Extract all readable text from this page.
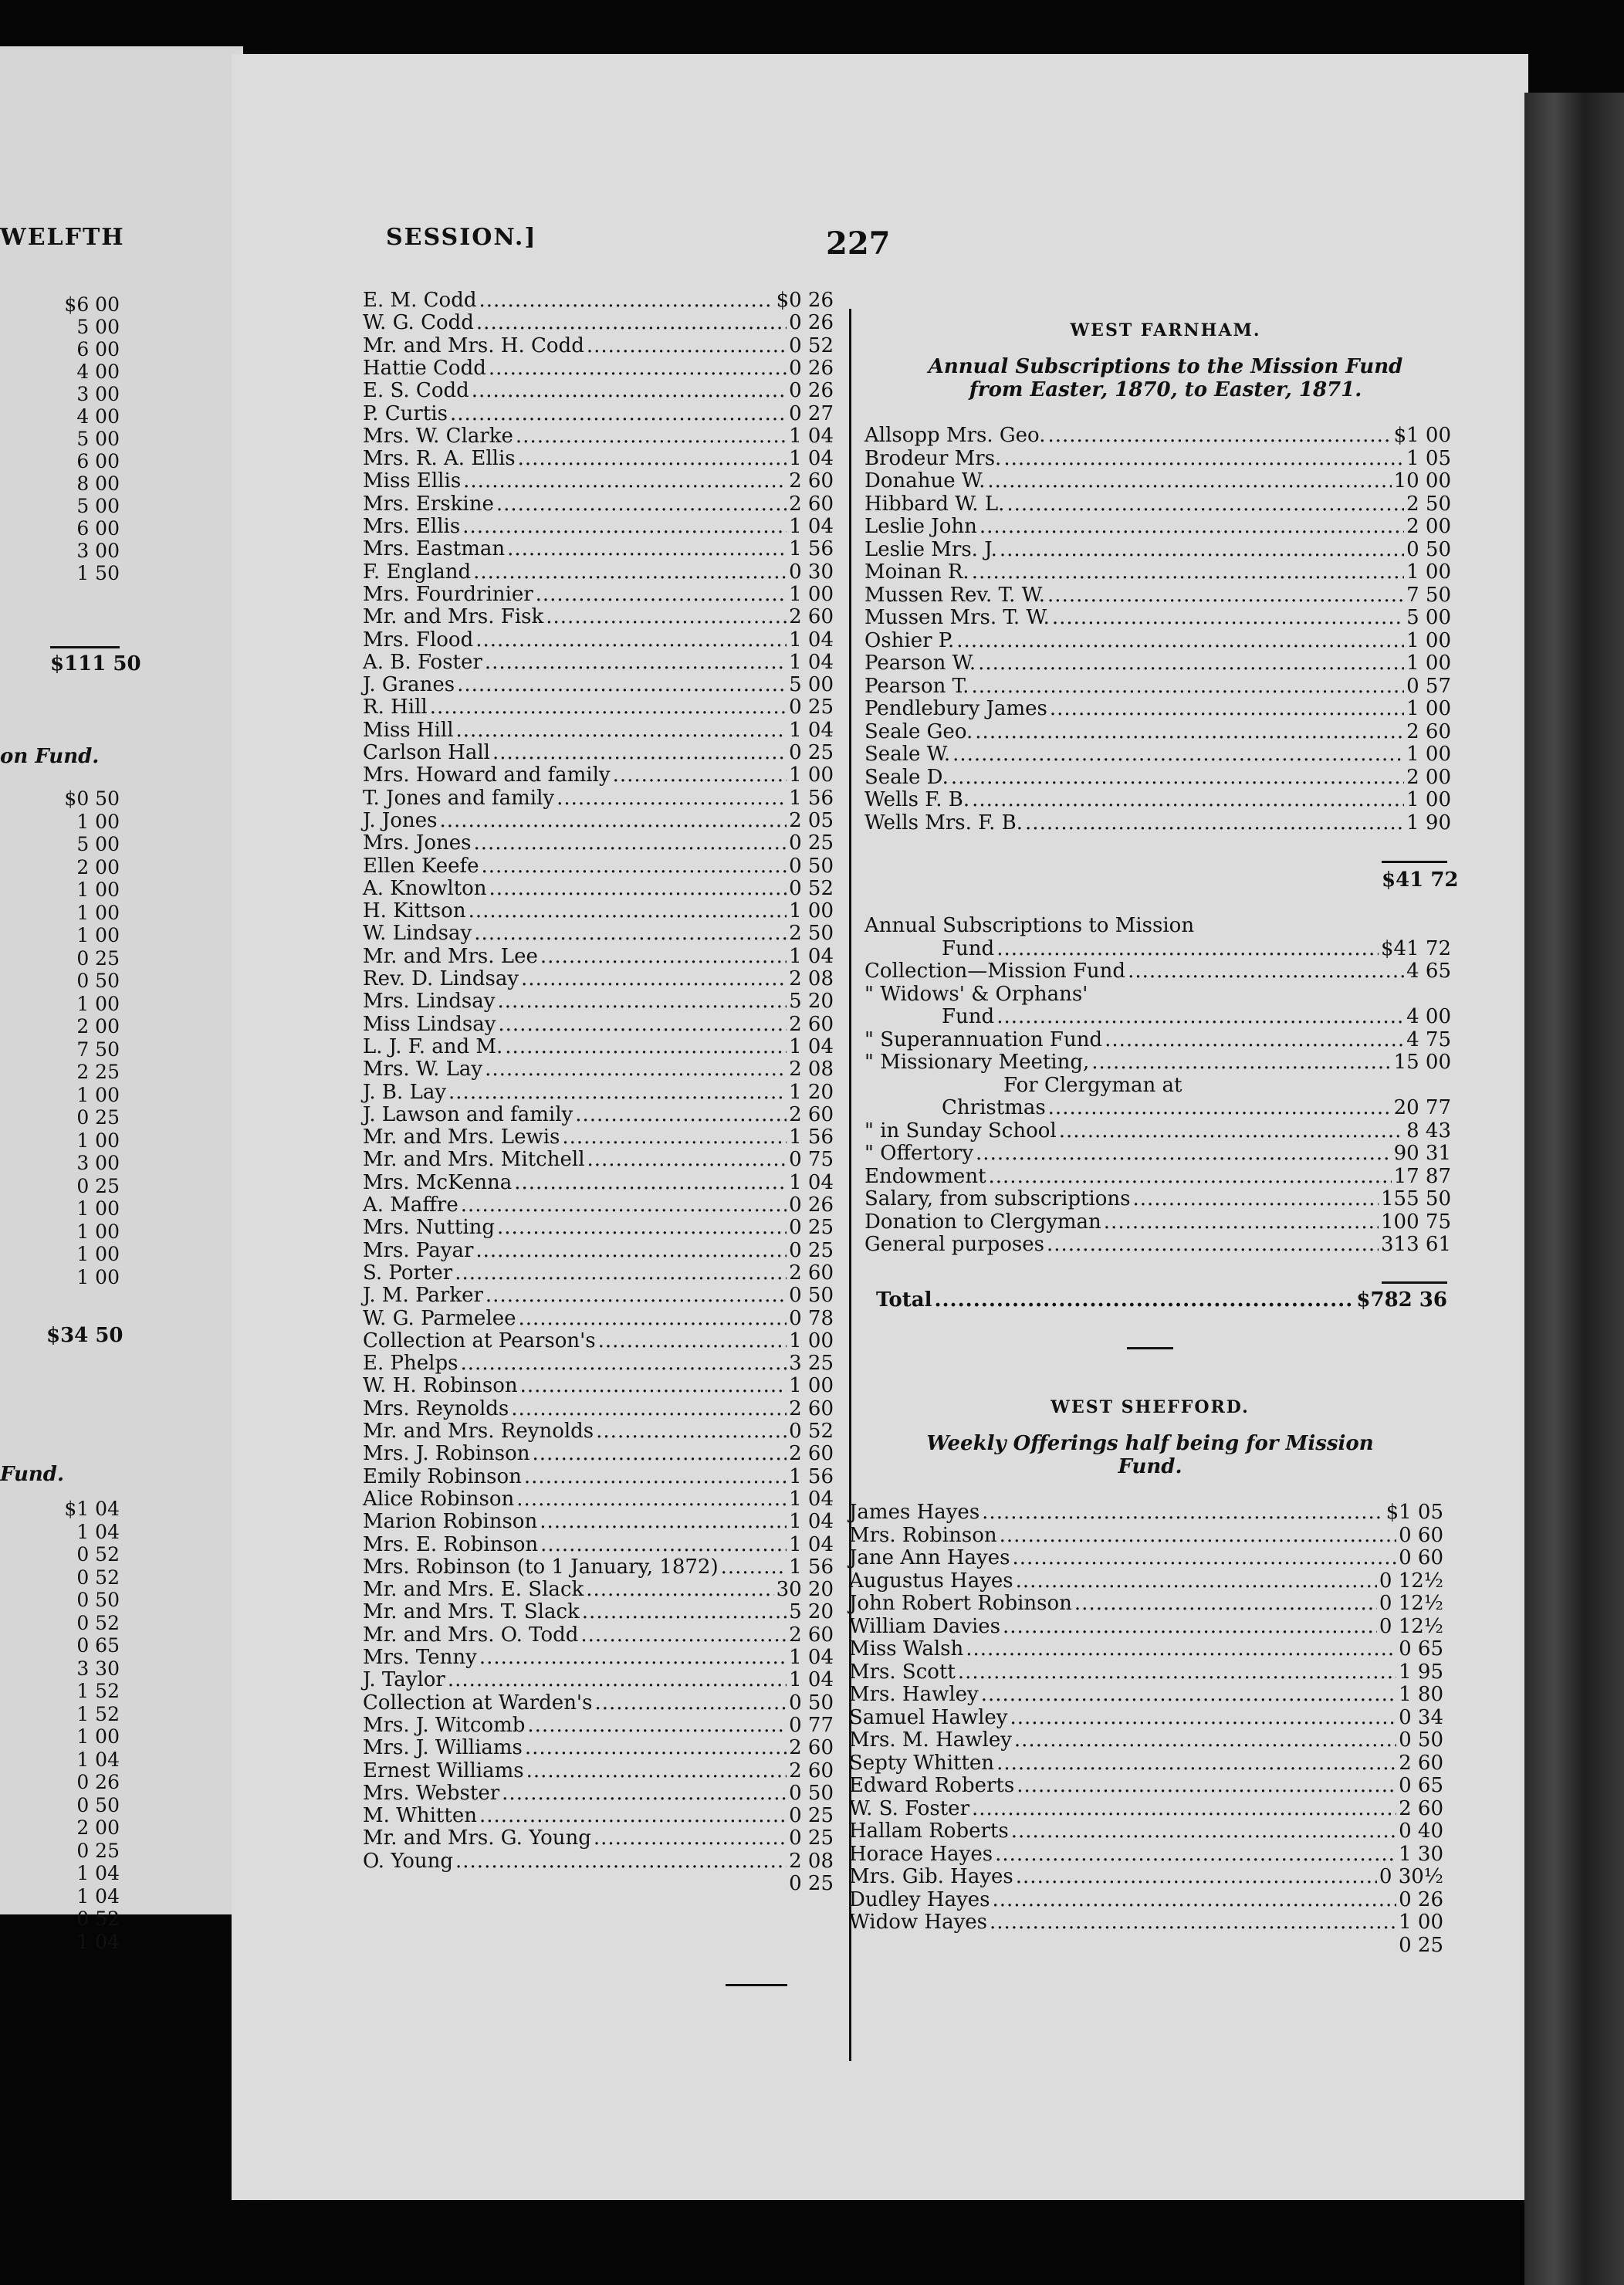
WELFTH
$6 00
5 00
6 00
4 00
3 00
4 00
5 00
6 00
8 00
5 00
6 00
3 00
1 50
$111 50
on Fund.
$0 50
1 00
5 00
2 00
1 00
1 00
1 00
0 25
0 50
1 00
2 00
7 50
2 25
1 00
0 25
1 00
3 00
0 25
1 00
1 00
1 00
1 00
$34 50
Fund.
$1 04
1 04
0 52
0 52
0 50
0 52
0 65
3 30
1 52
1 52
1 00
1 04
0 26
0 50
2 00
0 25
1 04
1 04
0 52
1 04
SESSION.]	227
E. M. Codd .....	$0 26
W. G. Codd .....	0 26
Mr. and Mrs. H. Codd .....	0 52
Hattie Codd .....	0 26
E. S. Codd .....	0 26
P. Curtis .....	0 27
Mrs. W. Clarke .....	1 04
Mrs. R. A. Ellis .....	1 04
Miss Ellis .....	2 60
Mrs. Erskine .....	2 60
Mrs. Ellis .....	1 04
Mrs. Eastman .....	1 56
F. England .....	0 30
Mrs. Fourdrinier .....	1 00
Mr. and Mrs. Fisk .....	2 60
Mrs. Flood .....	1 04
A. B. Foster .....	1 04
J. Granes .....	5 00
R. Hill .....	0 25
Miss Hill .....	1 04
Carlson Hall .....	0 25
Mrs. Howard and family .....	1 00
T. Jones and family .....	1 56
J. Jones .....	2 05
Mrs. Jones .....	0 25
Ellen Keefe .....	0 50
A. Knowlton .....	0 52
H. Kittson .....	1 00
W. Lindsay .....	2 50
Mr. and Mrs. Lee .....	1 04
Rev. D. Lindsay .....	2 08
Mrs. Lindsay .....	5 20
Miss Lindsay .....	2 60
L. J. F. and M. .....	1 04
Mrs. W. Lay .....	2 08
J. B. Lay .....	1 20
J. Lawson and family .....	2 60
Mr. and Mrs. Lewis .....	1 56
Mr. and Mrs. Mitchell .....	0 75
Mrs. McKenna .....	1 04
A. Maffre .....	0 26
Mrs. Nutting .....	0 25
Mrs. Payar .....	0 25
S. Porter .....	2 60
J. M. Parker .....	0 50
W. G. Parmelee .....	0 78
Collection at Pearson's .....	1 00
E. Phelps .....	3 25
W. H. Robinson .....	1 00
Mrs. Reynolds .....	2 60
Mr. and Mrs. Reynolds .....	0 52
Mrs. J. Robinson .....	2 60
Emily Robinson .....	1 56
Alice Robinson .....	1 04
Marion Robinson .....	1 04
Mrs. E. Robinson .....	1 04
Mrs. Robinson (to 1 January, 1872) .....	1 56
Mr. and Mrs. E. Slack .....	30 20
Mr. and Mrs. T. Slack .....	5 20
Mr. and Mrs. O. Todd .....	2 60
Mrs. Tenny .....	1 04
J. Taylor .....	1 04
Collection at Warden's .....	0 50
Mrs. J. Witcomb .....	0 77
Mrs. J. Williams .....	2 60
Ernest Williams .....	2 60
Mrs. Webster .....	0 50
M. Whitten .....	0 25
Mr. and Mrs. G. Young .....	0 25
O. Young .....	2 08
0 25
WEST FARNHAM.
Annual Subscriptions to the Mission Fund
from Easter, 1870, to Easter, 1871.
Allsopp Mrs. Geo. .....	$1 00
Brodeur Mrs. .....	1 05
Donahue W. .....	10 00
Hibbard W. L. .....	2 50
Leslie John .....	2 00
Leslie Mrs. J. .....	0 50
Moinan R. .....	1 00
Mussen Rev. T. W. .....	7 50
Mussen Mrs. T. W. .....	5 00
Oshier P. .....	1 00
Pearson W. .....	1 00
Pearson T. .....	0 57
Pendlebury James .....	1 00
Seale Geo. .....	2 60
Seale W. .....	1 00
Seale D. .....	2 00
Wells F. B. .....	1 00
Wells Mrs. F. B. .....	1 90
$41 72
Annual Subscriptions to Mission
Fund .....	$41 72
Collection—Mission Fund .....	4 65
" Widows' & Orphans'
Fund .....	4 00
" Superannuation Fund .....	4 75
" Missionary Meeting, .....	15 00
For Clergyman at
Christmas .....	20 77
" in Sunday School .....	8 43
" Offertory .....	90 31
Endowment .....	17 87
Salary, from subscriptions .....	155 50
Donation to Clergyman .....	100 75
General purposes .....	313 61
Total .....	$782 36
WEST SHEFFORD.
Weekly Offerings half being for Mission
Fund.
James Hayes .....	$1 05
Mrs. Robinson .....	0 60
Jane Ann Hayes .....	0 60
Augustus Hayes .....	0 12½
John Robert Robinson .....	0 12½
William Davies .....	0 12½
Miss Walsh .....	0 65
Mrs. Scott .....	1 95
Mrs. Hawley .....	1 80
Samuel Hawley .....	0 34
Mrs. M. Hawley .....	0 50
Septy Whitten .....	2 60
Edward Roberts .....	0 65
W. S. Foster .....	2 60
Hallam Roberts .....	0 40
Horace Hayes .....	1 30
Mrs. Gib. Hayes .....	0 30½
Dudley Hayes .....	0 26
Widow Hayes .....	1 00
0 25
